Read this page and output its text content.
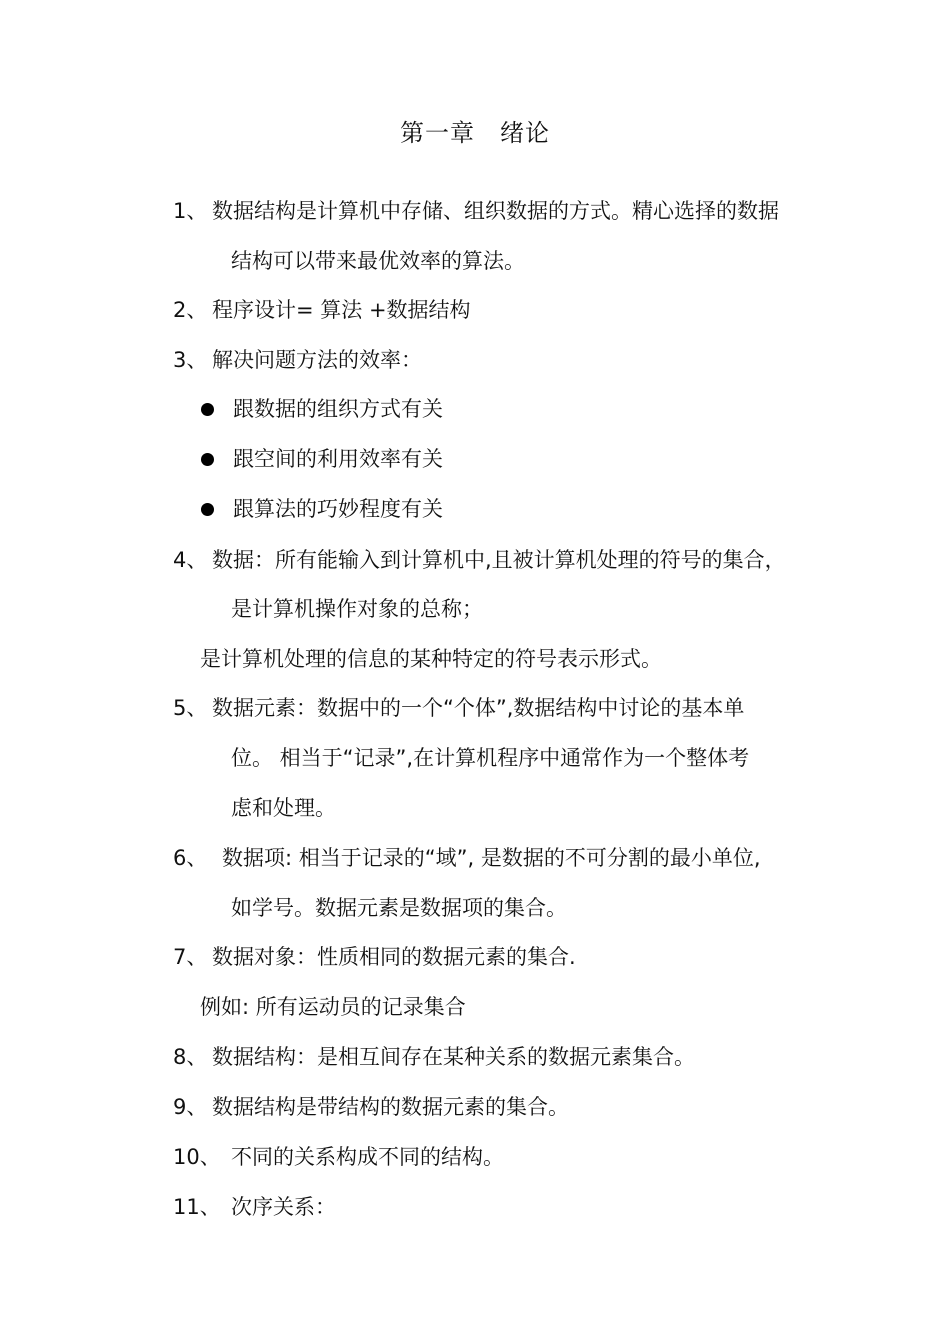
第一章　绪论
1、 数据结构是计算机中存储、组织数据的方式。精心选择的数据
结构可以带来最优效率的算法。
2、 程序设计= 算法 +数据结构
3、 解决问题方法的效率：
跟数据的组织方式有关
跟空间的利用效率有关
跟算法的巧妙程度有关
4、 数据：所有能输入到计算机中,且被计算机处理的符号的集合，
是计算机操作对象的总称；
是计算机处理的信息的某种特定的符号表示形式。
5、 数据元素：数据中的一个“个体”,数据结构中讨论的基本单
位。 相当于“记录”,在计算机程序中通常作为一个整体考
虑和处理。
6、 数据项: 相当于记录的“域”, 是数据的不可分割的最小单位,
如学号。数据元素是数据项的集合。
7、 数据对象：性质相同的数据元素的集合.
例如: 所有运动员的记录集合
8、 数据结构：是相互间存在某种关系的数据元素集合。
9、 数据结构是带结构的数据元素的集合。
10、 不同的关系构成不同的结构。
11、 次序关系：
